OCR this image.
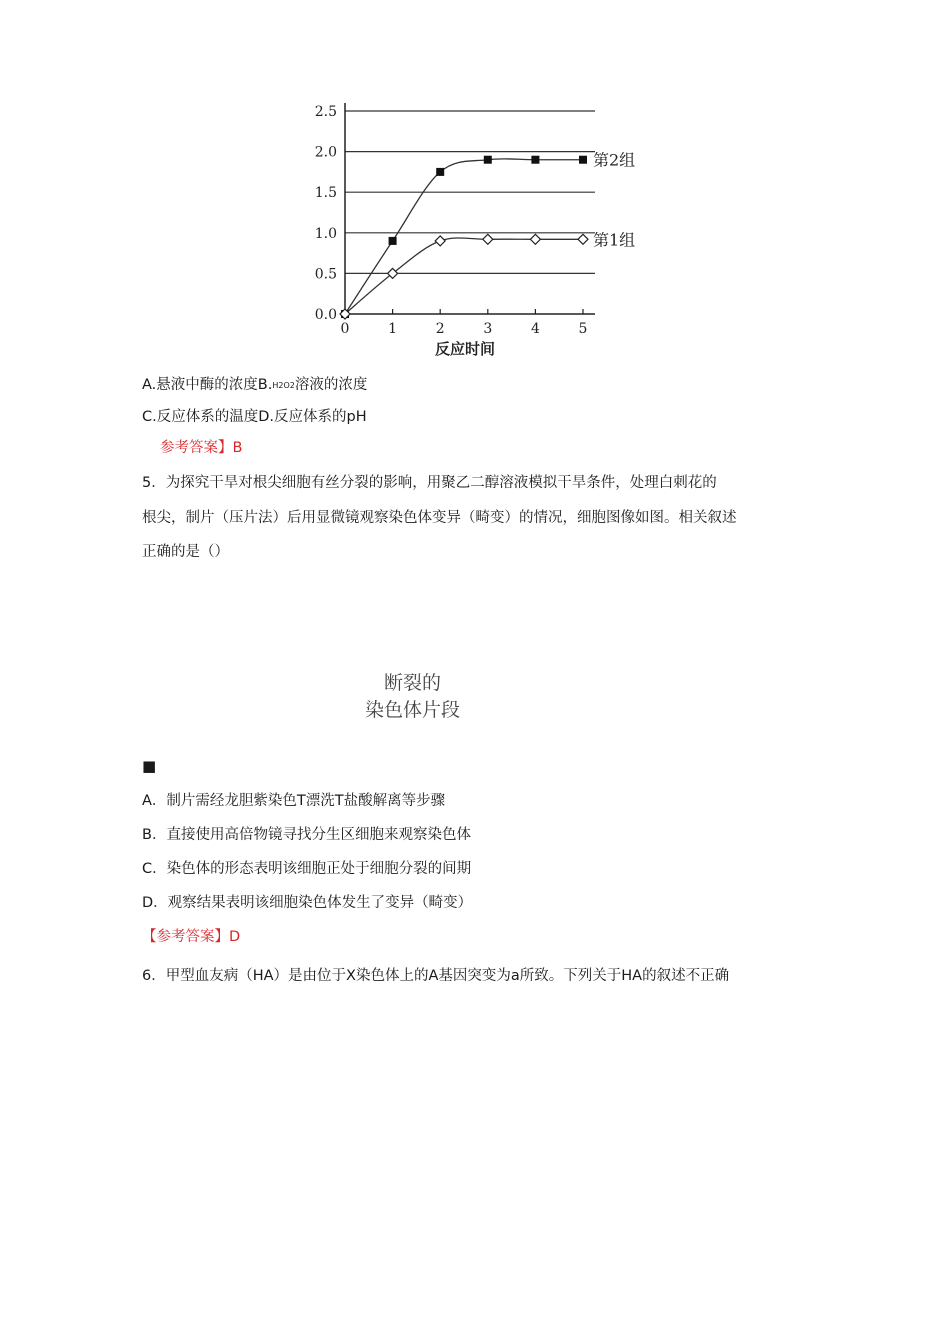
0.0
0.5
1.0
1.5
2.0
2.5
0	1	2	3	4	5
第2组
第1组
反应时间
A.悬液中酶的浓度B.H2O2溶液的浓度
C.反应体系的温度D.反应体系的pH
参考答案】B
5．为探究干旱对根尖细胞有丝分裂的影响，用聚乙二醇溶液模拟干旱条件，处理白刺花的
根尖，制片（压片法）后用显微镜观察染色体变异（畸变）的情况，细胞图像如图。相关叙述
正确的是（）
断裂的
染色体片段
■
A．制片需经龙胆紫染色T漂洗T盐酸解离等步骤
B．直接使用高倍物镜寻找分生区细胞来观察染色体
C．染色体的形态表明该细胞正处于细胞分裂的间期
D．观察结果表明该细胞染色体发生了变异（畸变）
【参考答案】D
6．甲型血友病（HA）是由位于X染色体上的A基因突变为a所致。下列关于HA的叙述不正确
